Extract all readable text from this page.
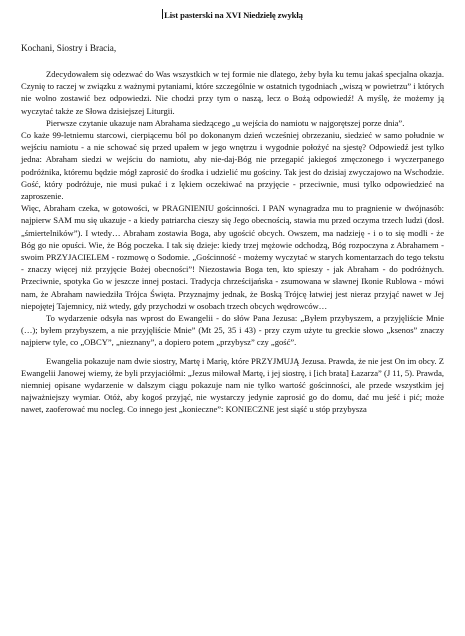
List pasterski na XVI Niedzielę zwykłą
Kochani, Siostry i Bracia,

Zdecydowałem się odezwać do Was wszystkich w tej formie nie dlatego, żeby była ku temu jakaś specjalna okazja. Czynię to raczej w związku z ważnymi pytaniami, które szczególnie w ostatnich tygodniach „wiszą w powietrzu” i których nie wolno zostawić bez odpowiedzi. Nie chodzi przy tym o naszą, lecz o Bożą odpowiedź! A myślę, że możemy ją wyczytać także ze Słowa dzisiejszej Liturgii.

Pierwsze czytanie ukazuje nam Abrahama siedzącego „u wejścia do namiotu w najgorętszej porze dnia”.

Co każe 99-letniemu starcowi, cierpiącemu ból po dokonanym dzień wcześniej obrzezaniu, siedzieć w samo południe w wejściu namiotu - a nie schować się przed upałem w jego wnętrzu i wygodnie położyć na sjestę? Odpowiedź jest tylko jedna: Abraham siedzi w wejściu do namiotu, aby nie-daj-Bóg nie przegapić jakiegoś zmęczonego i wyczerpanego podróżnika, któremu będzie mógł zaprosić do środka i udzielić mu gościny. Tak jest do dzisiaj zwyczajowo na Wschodzie. Gość, który podróżuje, nie musi pukać i z lękiem oczekiwać na przyjęcie - przeciwnie, musi tylko odpowiedzieć na zaproszenie.

Więc, Abraham czeka, w gotowości, w PRAGNIENIU gościnności. I PAN wynagradza mu to pragnienie w dwójnasób: najpierw SAM mu się ukazuje - a kiedy patriarcha cieszy się Jego obecnością, stawia mu przed oczyma trzech ludzi (dosł. „śmiertelników”). I wtedy… Abraham zostawia Boga, aby ugościć obcych. Owszem, ma nadzieję - i o to się modli - że Bóg go nie opuści. Wie, że Bóg poczeka. I tak się dzieje: kiedy trzej mężowie odchodzą, Bóg rozpoczyna z Abrahamem - swoim PRZYJACIELEM - rozmowę o Sodomie. „Gościnność - możemy wyczytać w starych komentarzach do tego tekstu - znaczy więcej niż przyjęcie Bożej obecności”! Niezostawia Boga ten, kto spieszy - jak Abraham - do podróżnych. Przeciwnie, spotyka Go w jeszcze innej postaci. Tradycja chrześcijańska - zsumowana w sławnej Ikonie Rublowa - mówi nam, że Abraham nawiedziła Trójca Święta. Przyznajmy jednak, że Boską Trójcę łatwiej jest nieraz przyjąć nawet w Jej niepojętej Tajemnicy, niż wtedy, gdy przychodzi w osobach trzech obcych wędrowców…

To wydarzenie odsyła nas wprost do Ewangelii - do słów Pana Jezusa: „Byłem przybyszem, a przyjęliście Mnie (…); byłem przybyszem, a nie przyjęliście Mnie” (Mt 25, 35 i 43) - przy czym użyte tu greckie słowo „ksenos” znaczy najpierw tyle, co „OBCY”, „nieznany”, a dopiero potem „przybysz” czy „gość”.

Ewangelia pokazuje nam dwie siostry, Martę i Marię, które PRZYJMUJĄ Jezusa. Prawda, że nie jest On im obcy. Z Ewangelii Janowej wiemy, że byli przyjaciółmi: „Jezus miłował Martę, i jej siostrę, i [ich brata] Łazarza” (J 11, 5). Prawda, niemniej opisane wydarzenie w dalszym ciągu pokazuje nam nie tylko wartość gościnności, ale przede wszystkim jej najważniejszy wymiar. Otóż, aby kogoś przyjąć, nie wystarczy jedynie zaprosić go do domu, dać mu jeść i pić; może nawet, zaoferować mu nocleg. Co innego jest „konieczne”: KONIECZNE jest siąść u stóp przybysza
